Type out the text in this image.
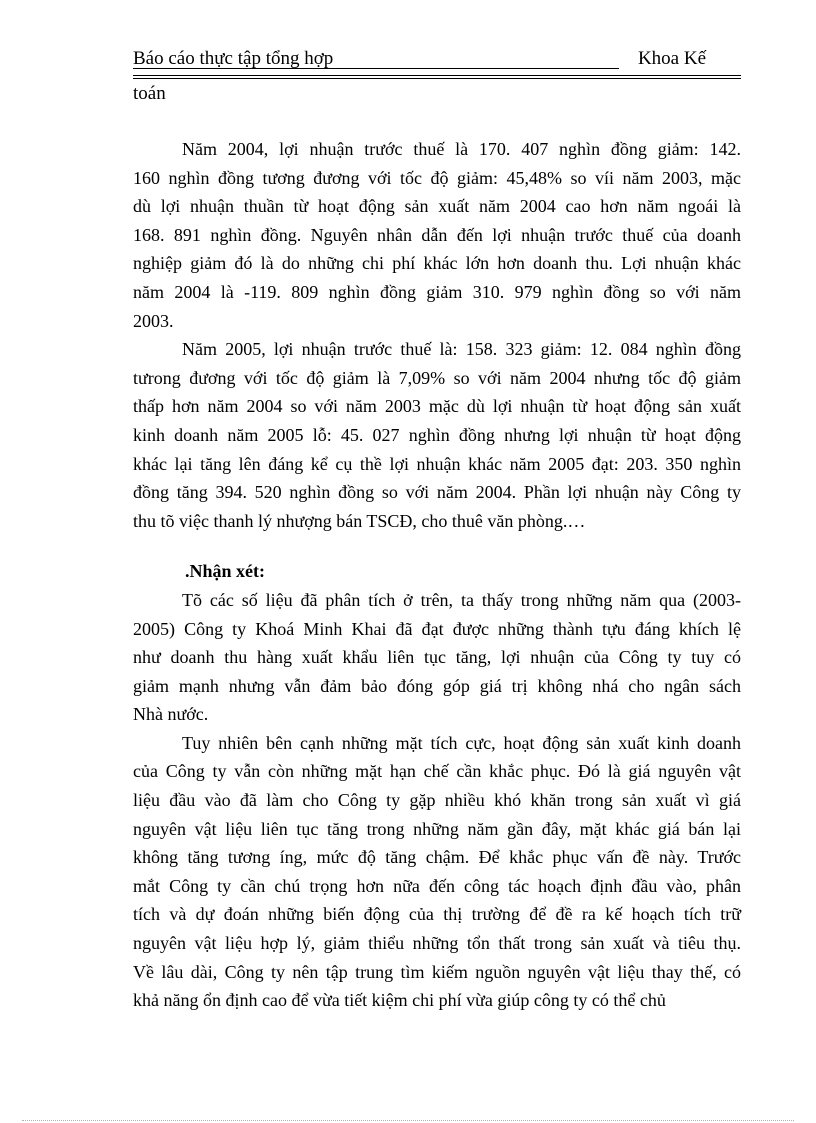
Báo cáo thực tập tổng hợp	Khoa Kế
toán
Năm 2004, lợi nhuận trước thuế là 170. 407 nghìn đồng giảm: 142.
160 nghìn đồng tương đương với tốc độ giảm: 45,48% so víi năm 2003, mặc
dù lợi nhuận thuần từ hoạt động sản xuất năm 2004 cao hơn năm ngoái là
168. 891 nghìn đồng. Nguyên nhân dẫn đến lợi nhuận trước thuế của doanh
nghiệp giảm đó là do những chi phí khác lớn hơn doanh thu. Lợi nhuận khác
năm 2004 là -119. 809 nghìn đồng giảm 310. 979 nghìn đồng so với năm
2003.
Năm 2005, lợi nhuận trước thuế là: 158. 323 giảm: 12. 084 nghìn đồng
tưrong đương với tốc độ giảm là 7,09% so với năm 2004 nhưng tốc độ giảm
thấp hơn năm 2004 so với năm 2003 mặc dù lợi nhuận từ hoạt động sản xuất
kinh doanh năm 2005 lỗ: 45. 027 nghìn đồng nhưng lợi nhuận từ hoạt động
khác lại tăng lên đáng kể cụ thề lợi nhuận khác năm 2005 đạt: 203. 350 nghìn
đồng tăng 394. 520 nghìn đồng so với năm 2004. Phần lợi nhuận này Công ty
thu tõ việc thanh lý nhượng bán TSCĐ, cho thuê văn phòng.…
.Nhận xét:
Tõ các số liệu đã phân tích ở trên, ta thấy trong những năm qua (2003-
2005) Công ty Khoá Minh Khai đã đạt được những thành tựu đáng khích lệ
như doanh thu hàng xuất khẩu liên tục tăng, lợi nhuận của Công ty tuy có
giảm mạnh nhưng vẫn đảm bảo đóng góp giá trị không nhá cho ngân sách
Nhà nước.
Tuy nhiên bên cạnh những mặt tích cực, hoạt động sản xuất kinh doanh
của Công ty vẫn còn những mặt hạn chế cần khắc phục. Đó là giá nguyên vật
liệu đầu vào đã làm cho Công ty gặp nhiều khó khăn trong sản xuất vì giá
nguyên vật liệu liên tục tăng trong những năm gần đây, mặt khác giá bán lại
không tăng tương íng, mức độ tăng chậm. Để khắc phục vấn đề này. Trước
mắt Công ty cần chú trọng hơn nữa đến công tác hoạch định đầu vào, phân
tích và dự đoán những biến động của thị trường để đề ra kế hoạch tích trữ
nguyên vật liệu hợp lý, giảm thiểu những tổn thất trong sản xuất và tiêu thụ.
Về lâu dài, Công ty nên tập trung tìm kiếm nguồn nguyên vật liệu thay thế, có
khả năng ổn định cao để vừa tiết kiệm chi phí vừa giúp công ty có thể chủ
